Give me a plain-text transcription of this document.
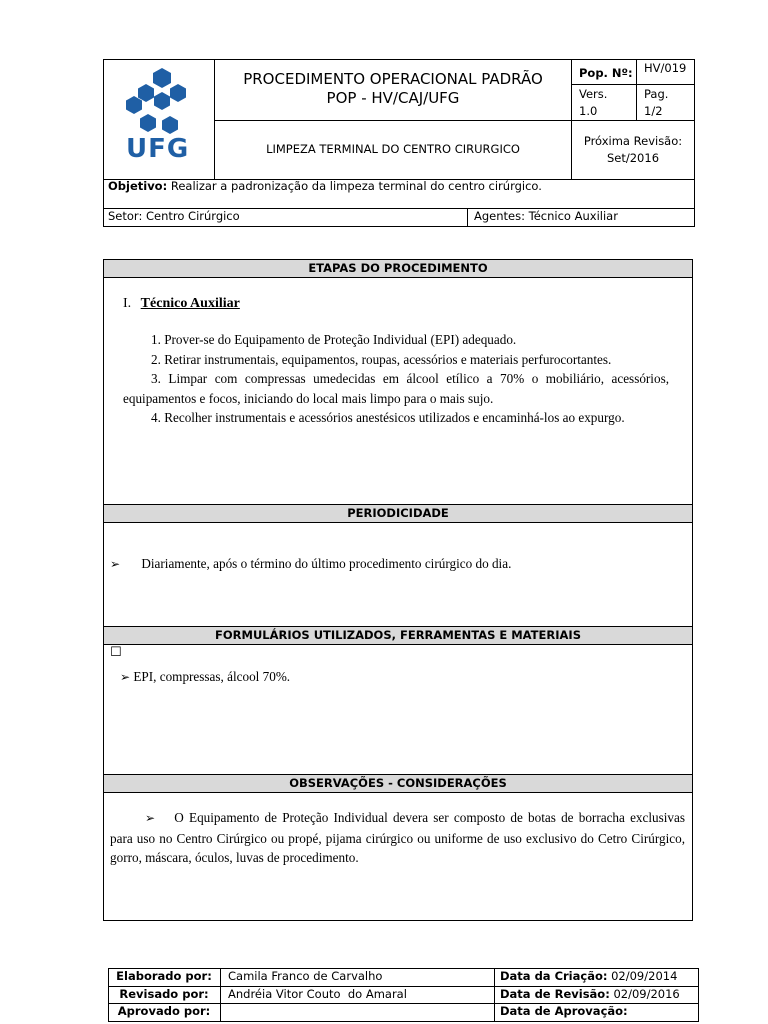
UFG
PROCEDIMENTO OPERACIONAL PADRÃO
POP - HV/CAJ/UFG
Pop. Nº: HV/019
Vers.
1.0
Pag.
1/2
LIMPEZA TERMINAL DO CENTRO CIRURGICO
Próxima Revisão:
Set/2016
Objetivo: Realizar a padronização da limpeza terminal do centro cirúrgico.
Setor: Centro Cirúrgico	Agentes: Técnico Auxiliar
ETAPAS DO PROCEDIMENTO
I. Técnico Auxiliar
1. Prover-se do Equipamento de Proteção Individual (EPI) adequado.
2. Retirar instrumentais, equipamentos, roupas, acessórios e materiais perfurocortantes.
3. Limpar com compressas umedecidas em álcool etílico a 70% o mobiliário, acessórios, equipamentos e focos, iniciando do local mais limpo para o mais sujo.
4. Recolher instrumentais e acessórios anestésicos utilizados e encaminhá-los ao expurgo.
PERIODICIDADE
➢ Diariamente, após o término do último procedimento cirúrgico do dia.
FORMULÁRIOS UTILIZADOS, FERRAMENTAS E MATERIAIS
☐
➢ EPI, compressas, álcool 70%.
OBSERVAÇÕES - CONSIDERAÇÕES
➢ O Equipamento de Proteção Individual devera ser composto de botas de borracha exclusivas para uso no Centro Cirúrgico ou propé, pijama cirúrgico ou uniforme de uso exclusivo do Cetro Cirúrgico, gorro, máscara, óculos, luvas de procedimento.
Elaborado por:	Camila Franco de Carvalho	Data da Criação: 02/09/2014
Revisado por:	Andréia Vitor Couto  do Amaral	Data de Revisão: 02/09/2016
Aprovado por:	Data de Aprovação:
